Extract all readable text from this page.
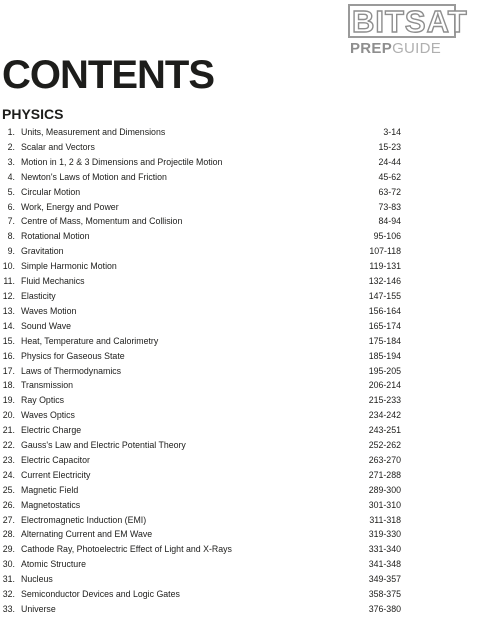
BITSAT
PREPGUIDE
CONTENTS
PHYSICS
1. Units, Measurement and Dimensions	3-14
2. Scalar and Vectors	15-23
3. Motion in 1, 2 & 3 Dimensions and Projectile Motion	24-44
4. Newton's Laws of Motion and Friction	45-62
5. Circular Motion	63-72
6. Work, Energy and Power	73-83
7. Centre of Mass, Momentum and Collision	84-94
8. Rotational Motion	95-106
9. Gravitation	107-118
10. Simple Harmonic Motion	119-131
11. Fluid Mechanics	132-146
12. Elasticity	147-155
13. Waves Motion	156-164
14. Sound Wave	165-174
15. Heat, Temperature and Calorimetry	175-184
16. Physics for Gaseous State	185-194
17. Laws of Thermodynamics	195-205
18. Transmission	206-214
19. Ray Optics	215-233
20. Waves Optics	234-242
21. Electric Charge	243-251
22. Gauss's Law and Electric Potential Theory	252-262
23. Electric Capacitor	263-270
24. Current Electricity	271-288
25. Magnetic Field	289-300
26. Magnetostatics	301-310
27. Electromagnetic Induction (EMI)	311-318
28. Alternating Current and EM Wave	319-330
29. Cathode Ray, Photoelectric Effect of Light and X-Rays	331-340
30. Atomic Structure	341-348
31. Nucleus	349-357
32. Semiconductor Devices and Logic Gates	358-375
33. Universe	376-380
